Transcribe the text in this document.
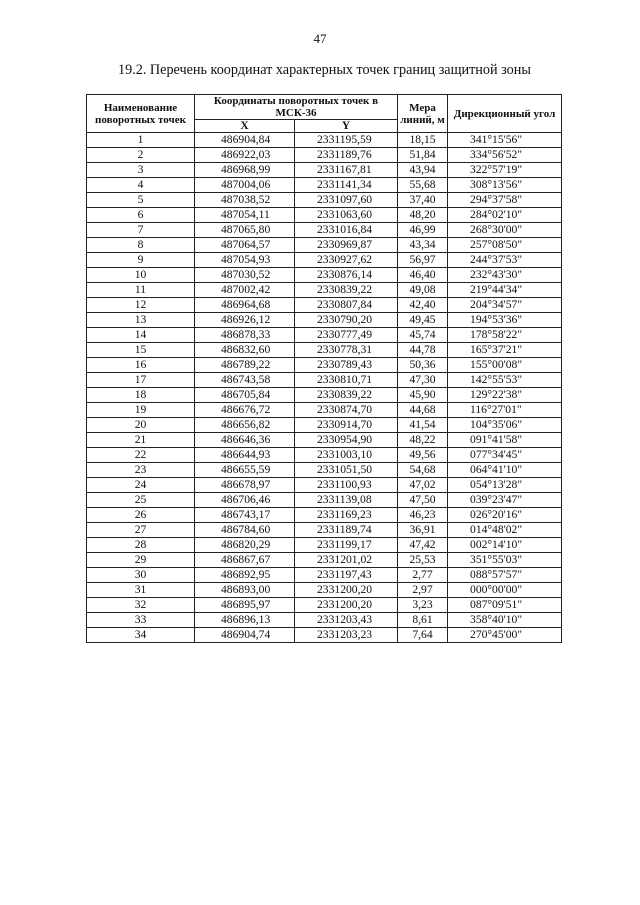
47
19.2. Перечень координат характерных точек границ защитной зоны
Наименование поворотных точек	Координаты поворотных точек в МСК-36		Мера линий, м	Дирекционный угол
	X	Y		
1	486904,84	2331195,59	18,15	341°15'56"
2	486922,03	2331189,76	51,84	334°56'52"
3	486968,99	2331167,81	43,94	322°57'19"
4	487004,06	2331141,34	55,68	308°13'56"
5	487038,52	2331097,60	37,40	294°37'58"
6	487054,11	2331063,60	48,20	284°02'10"
7	487065,80	2331016,84	46,99	268°30'00"
8	487064,57	2330969,87	43,34	257°08'50"
9	487054,93	2330927,62	56,97	244°37'53"
10	487030,52	2330876,14	46,40	232°43'30"
11	487002,42	2330839,22	49,08	219°44'34"
12	486964,68	2330807,84	42,40	204°34'57"
13	486926,12	2330790,20	49,45	194°53'36"
14	486878,33	2330777,49	45,74	178°58'22"
15	486832,60	2330778,31	44,78	165°37'21"
16	486789,22	2330789,43	50,36	155°00'08"
17	486743,58	2330810,71	47,30	142°55'53"
18	486705,84	2330839,22	45,90	129°22'38"
19	486676,72	2330874,70	44,68	116°27'01"
20	486656,82	2330914,70	41,54	104°35'06"
21	486646,36	2330954,90	48,22	091°41'58"
22	486644,93	2331003,10	49,56	077°34'45"
23	486655,59	2331051,50	54,68	064°41'10"
24	486678,97	2331100,93	47,02	054°13'28"
25	486706,46	2331139,08	47,50	039°23'47"
26	486743,17	2331169,23	46,23	026°20'16"
27	486784,60	2331189,74	36,91	014°48'02"
28	486820,29	2331199,17	47,42	002°14'10"
29	486867,67	2331201,02	25,53	351°55'03"
30	486892,95	2331197,43	2,77	088°57'57"
31	486893,00	2331200,20	2,97	000°00'00"
32	486895,97	2331200,20	3,23	087°09'51"
33	486896,13	2331203,43	8,61	358°40'10"
34	486904,74	2331203,23	7,64	270°45'00"
